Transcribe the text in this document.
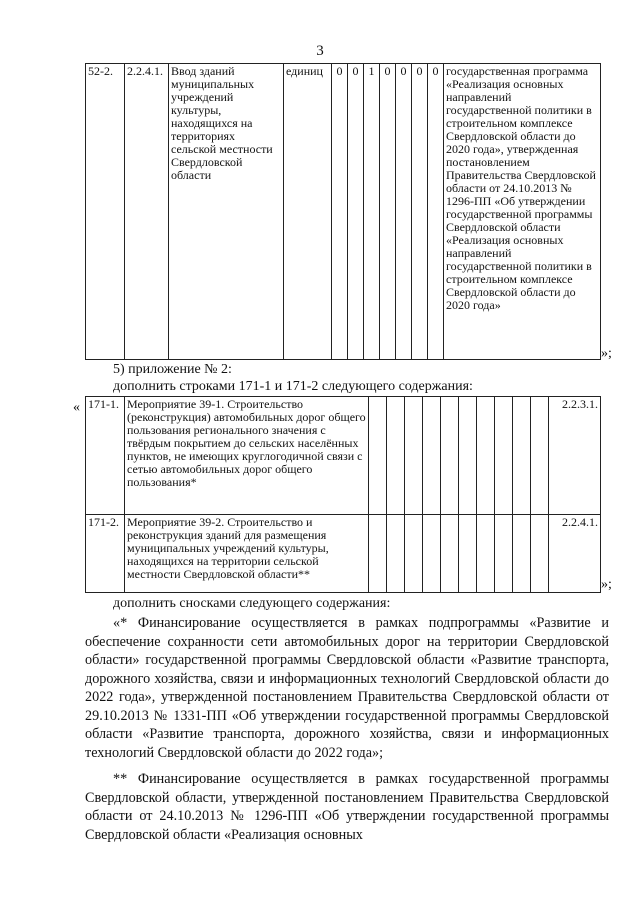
3
52-2.	2.2.4.1.	Ввод зданий муниципальных учреждений культуры, находящихся на территориях сельской местности Свердловской области	единиц	0	0	1	0	0	0	0	государственная программа «Реализация основных направлений государственной политики в строительном комплексе Свердловской области до 2020 года», утвержденная постановлением Правительства Свердловской области от 24.10.2013 № 1296-ПП «Об утверждении государственной программы Свердловской области «Реализация основных направлений государственной политики в строительном комплексе Свердловской области до 2020 года»
»;
5) приложение № 2:
дополнить строками 171-1 и 171-2 следующего содержания:
« 171-1.	Мероприятие 39-1. Строительство (реконструкция) автомобильных дорог общего пользования регионального значения с твёрдым покрытием до сельских населённых пунктов, не имеющих круглогодичной связи с сетью автомобильных дорог общего пользования*											2.2.3.1.
171-2.	Мероприятие 39-2. Строительство и реконструкция зданий для размещения муниципальных учреждений культуры, находящихся на территории сельской местности Свердловской области**											2.2.4.1.
»;
дополнить сносками следующего содержания:

«* Финансирование осуществляется в рамках подпрограммы «Развитие и обеспечение сохранности сети автомобильных дорог на территории Свердловской области» государственной программы Свердловской области «Развитие транспорта, дорожного хозяйства, связи и информационных технологий Свердловской области до 2022 года», утвержденной постановлением Правительства Свердловской области от 29.10.2013 № 1331-ПП «Об утверждении государственной программы Свердловской области «Развитие транспорта, дорожного хозяйства, связи и информационных технологий Свердловской области до 2022 года»;

** Финансирование осуществляется в рамках государственной программы Свердловской области, утвержденной постановлением Правительства Свердловской области от 24.10.2013 № 1296-ПП «Об утверждении государственной программы Свердловской области «Реализация основных
